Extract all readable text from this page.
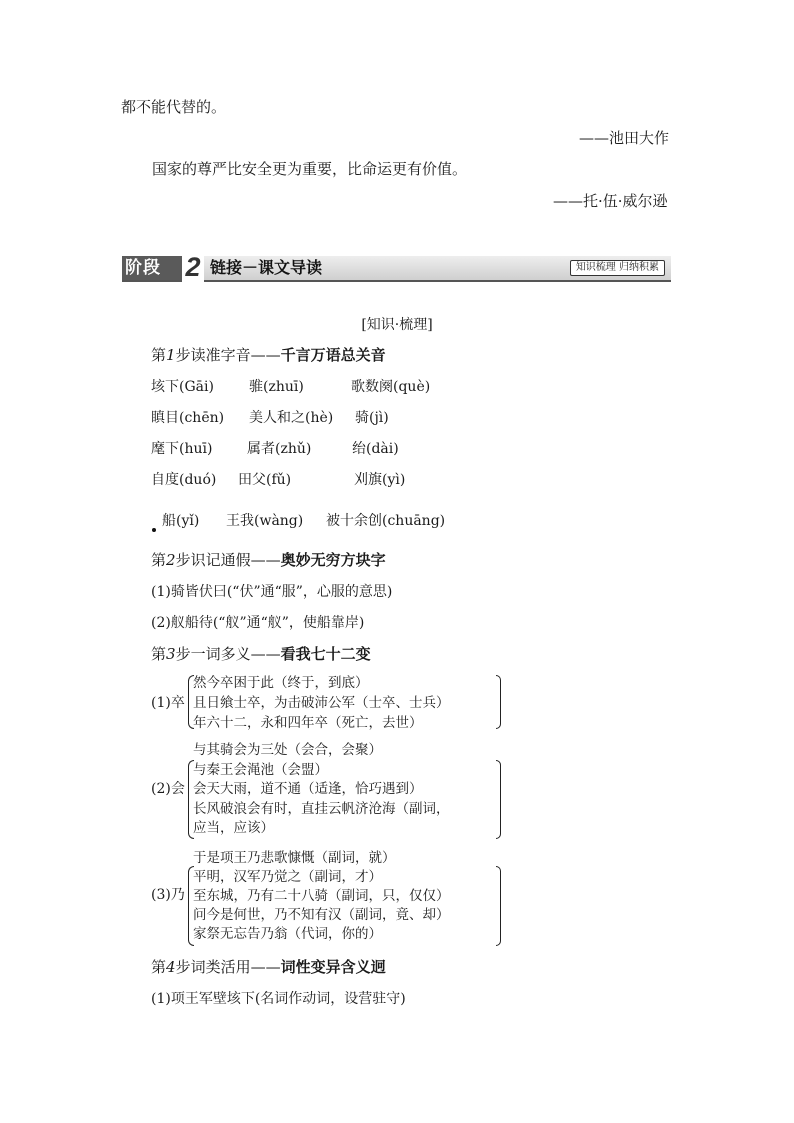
都不能代替的。
——池田大作
国家的尊严比安全更为重要，比命运更有价值。
——托·伍·威尔逊
阶段 2 链接－课文导读	知识梳理 归纳积累
[知识·梳理]
第1步读准字音——千言万语总关音
垓下(Gāi)	骓(zhuī)	歌数阕(què)
瞋目(chēn) 美人和之(hè) 骑(jì)
麾下(huī) 属者(zhǔ)	绐(dài)
自度(duó) 田父(fǔ)	刈旗(yì)
船(yǐ) 王我(wàng) 被十余创(chuāng)
第2步识记通假——奥妙无穷方块字
(1)骑皆伏曰(“伏”通“服”，心服的意思)
(2)舣船待(“舣”通“舣”，使船靠岸)
第3步一词多义——看我七十二变
(1)卒
然今卒困于此（终于，到底）
且日飨士卒，为击破沛公军（士卒、士兵）
年六十二，永和四年卒（死亡，去世）
(2)会
与其骑会为三处（会合，会聚）
与秦王会渑池（会盟）
会天大雨，道不通（适逢，恰巧遇到）
长风破浪会有时，直挂云帆济沧海（副词，
应当，应该）
(3)乃
于是项王乃悲歌慷慨（副词，就）
平明，汉军乃觉之（副词，才）
至东城，乃有二十八骑（副词，只，仅仅）
问今是何世，乃不知有汉（副词，竟、却）
家祭无忘告乃翁（代词，你的）
第4步词类活用——词性变异含义迥
(1)项王军壁垓下(名词作动词，设营驻守)
